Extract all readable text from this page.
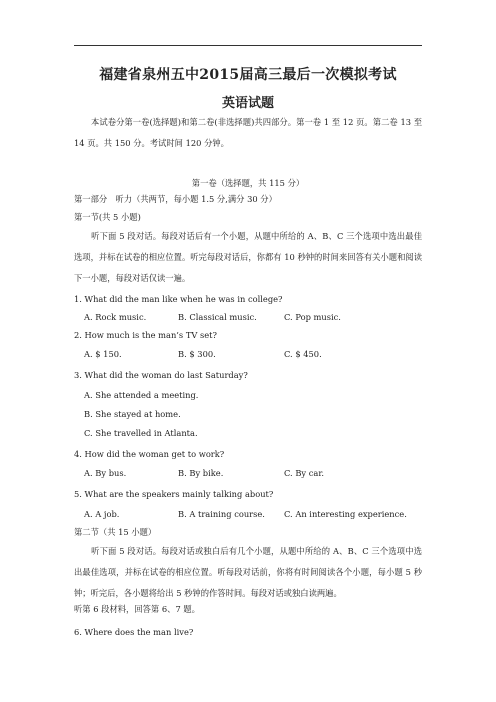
福建省泉州五中2015届高三最后一次模拟考试
英语试题
本试卷分第一卷(选择题)和第二卷(非选择题)共四部分。第一卷 1 至 12 页。第二卷 13 至 14 页。共 150 分。考试时间 120 分钟。
第一卷（选择题，共 115 分）
第一部分　听力（共两节，每小题 1.5 分,满分 30 分）
第一节(共 5 小题)
听下面 5 段对话。每段对话后有一个小题，从题中所给的 A、B、C 三个选项中选出最佳选项，并标在试卷的相应位置。听完每段对话后，你都有 10 秒钟的时间来回答有关小题和阅读下一小题，每段对话仅读一遍。
1. What did the man like when he was in college?
A. Rock music.	B. Classical music.	C. Pop music.
2. How much is the man’s TV set?
A. $ 150.	B. $ 300.	C. $ 450.
3. What did the woman do last Saturday?
A. She attended a meeting.
B. She stayed at home.
C. She travelled in Atlanta.
4. How did the woman get to work?
A. By bus.	B. By bike.	C. By car.
5. What are the speakers mainly talking about?
A. A job.	B. A training course. C. An interesting experience.
第二节（共 15 小题）
听下面 5 段对话。每段对话或独白后有几个小题，从题中所给的 A、B、C 三个选项中选出最佳选项，并标在试卷的相应位置。听每段对话前，你将有时间阅读各个小题，每小题 5 秒钟；听完后，各小题将给出 5 秒钟的作答时间。每段对话或独白读两遍。
听第 6 段材料，回答第 6、7 题。
6. Where does the man live?
